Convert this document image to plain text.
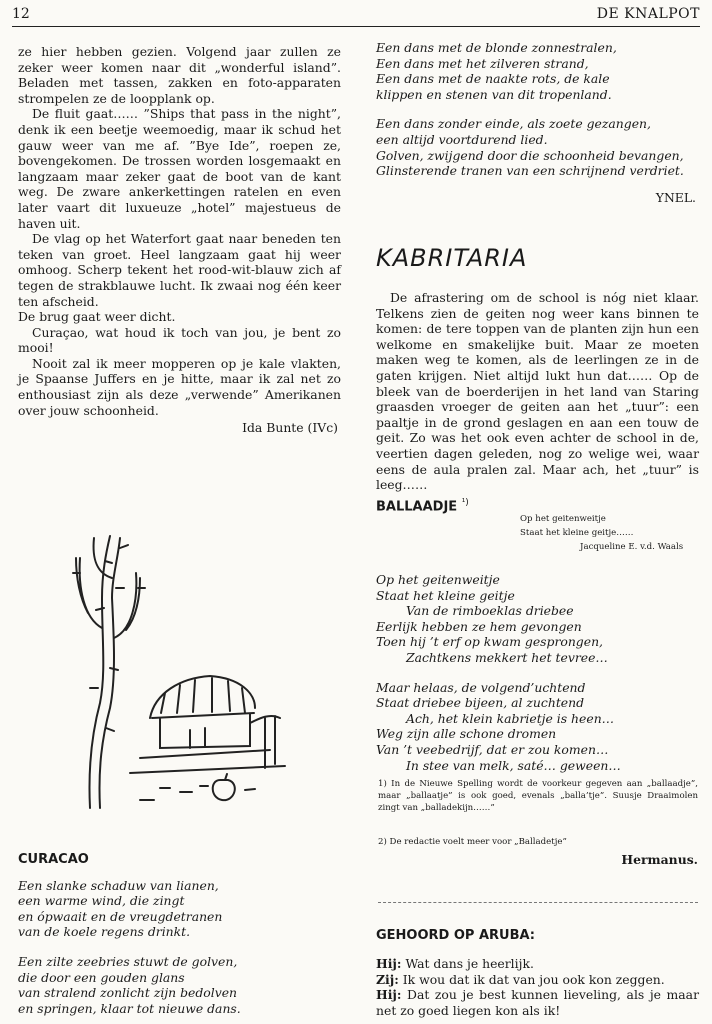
12	DE KNALPOT

ze hier hebben gezien. Volgend jaar zullen ze zeker weer komen naar dit „wonderful island”. Beladen met tassen, zakken en foto-apparaten strompelen ze de loopplank op.

De fluit gaat…… ”Ships that pass in the night”, denk ik een beetje weemoedig, maar ik schud het gauw weer van me af. ”Bye Ide”, roepen ze, bovengekomen. De trossen worden losgemaakt en langzaam maar zeker gaat de boot van de kant weg. De zware ankerkettingen ratelen en even later vaart dit luxueuze „hotel” majestueus de haven uit.

De vlag op het Waterfort gaat naar beneden ten teken van groet. Heel langzaam gaat hij weer omhoog. Scherp tekent het rood-wit-blauw zich af tegen de strakblauwe lucht. Ik zwaai nog één keer ten afscheid.

De brug gaat weer dicht.

Curaçao, wat houd ik toch van jou, je bent zo mooi!

Nooit zal ik meer mopperen op je kale vlakten, je Spaanse Juffers en je hitte, maar ik zal net zo enthousiast zijn als deze „verwende” Amerikanen over jouw schoonheid.

Ida Bunte (IVc)
CURACAO
Een slanke schaduw van lianen,
een warme wind, die zingt
en ópwaait en de vreugdetranen
van de koele regens drinkt.
Een zilte zeebries stuwt de golven,
die door een gouden glans
van stralend zonlicht zijn bedolven
en springen, klaar tot nieuwe dans.
Een dans met de blonde zonnestralen,
Een dans met het zilveren strand,
Een dans met de naakte rots, de kale
klippen en stenen van dit tropenland.
Een dans zonder einde, als zoete gezangen,
een altijd voortdurend lied.
Golven, zwijgend door die schoonheid bevangen,
Glinsterende tranen van een schrijnend verdriet.
YNEL.
KABRITARIA

De afrastering om de school is nóg niet klaar. Telkens zien de geiten nog weer kans binnen te komen: de tere toppen van de planten zijn hun een welkome en smakelijke buit. Maar ze moeten maken weg te komen, als de leerlingen ze in de gaten krijgen. Niet altijd lukt hun dat…… Op de bleek van de boerderijen in het land van Staring graasden vroeger de geiten aan het „tuur”: een paaltje in de grond geslagen en aan een touw de geit. Zo was het ook even achter de school in de, veertien dagen geleden, nog zo welige wei, waar eens de aula pralen zal. Maar ach, het „tuur” is leeg……

BALLAADJE $^{^1)}$
Op het geitenweitje
Staat het kleine geitje……
Jacqueline E. v.d. Waals
Op het geitenweitje
Staat het kleine geitje
Van de rimboeklas driebee
Eerlijk hebben ze hem gevongen
Toen hij ’t erf op kwam gesprongen,
Zachtkens mekkert het tevree…
Maar helaas, de volgend’uchtend
Staat driebee bijeen, al zuchtend
Ach, het klein kabrietje is heen…
Weg zijn alle schone dromen
Van ’t veebedrijf, dat er zou komen…
In stee van melk, saté… geween…
1) In de Nieuwe Spelling wordt de voorkeur gegeven aan „ballaadje”, maar „ballaatje” is ook goed, evenals „balla’tje”. Suusje Draaimolen zingt van „balladekijn……”
2) De redactie voelt meer voor „Balladetje”
Hermanus.
GEHOORD OP ARUBA:

Hij: Wat dans je heerlijk.

Zij: Ik wou dat ik dat van jou ook kon zeggen.

Hij: Dat zou je best kunnen lieveling, als je maar net zo goed liegen kon als ik!
